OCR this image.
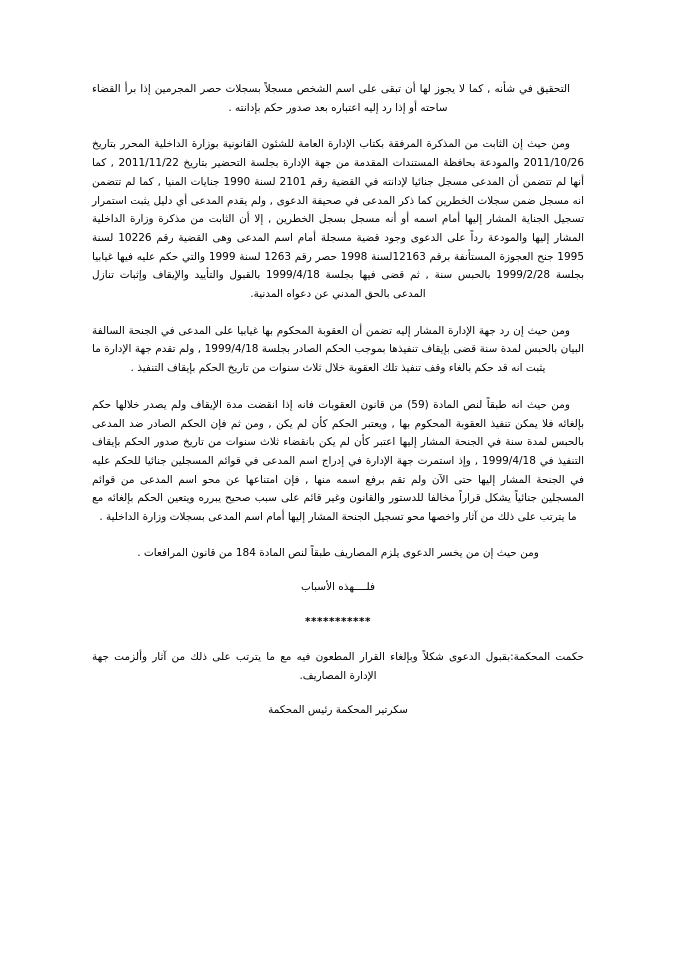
التحقيق في شأنه , كما لا يجوز لها أن تبقى على اسم الشخص مسجلاً بسجلات حصر المجرمين إذا برأ القضاء ساحته أو إذا رد إليه اعتباره بعد صدور حكم بإدانته .

ومن حيث إن الثابت من المذكرة المرفقة بكتاب الإدارة العامة للشئون القانونية بوزارة الداخلية المحرر بتاريخ 2011/10/26 والمودعة بحافظة المستندات المقدمة من جهة الإدارة بجلسة التحضير بتاريخ 2011/11/22 , كما أنها لم تتضمن أن المدعى مسجل جنائيا لإدانته في القضية رقم 2101 لسنة 1990 جنايات المنيا , كما لم تتضمن انه مسجل ضمن سجلات الخطرين كما ذكر المدعى في صحيفة الدعوى , ولم يقدم المدعى أي دليل يثبت استمرار تسجيل الجناية المشار إليها أمام اسمه أو أنه مسجل بسجل الخطرين , إلا أن الثابت من مذكرة وزارة الداخلية المشار إليها والمودعة رداً على الدعوى وجود قضية مسجلة أمام اسم المدعى وهى القضية رقم 10226 لسنة 1995 جنح العجوزة المستأنفة برقم 12163لسنة 1998 حصر رقم 1263 لسنة 1999 والتي حكم عليه فيها غيابيا بجلسة 1999/2/28 بالحبس سنة , ثم قضى فيها بجلسة 1999/4/18 بالقبول والتأييد والإيقاف وإثبات تنازل المدعى بالحق المدني عن دعواه المدنية.

ومن حيث إن رد جهة الإدارة المشار إليه تضمن أن العقوبة المحكوم بها غيابيا على المدعى في الجنحة السالفة البيان بالحبس لمدة سنة قضى بإيقاف تنفيذها بموجب الحكم الصادر بجلسة 1999/4/18 , ولم تقدم جهة الإدارة ما يثبت انه قد حكم بالغاء وقف تنفيذ تلك العقوبة خلال ثلاث سنوات من تاريخ الحكم بإيقاف التنفيذ .

ومن حيث انه طبقاً لنص المادة (59) من قانون العقوبات فانه إذا انقضت مدة الإيقاف ولم يصدر خلالها حكم بإلغائه فلا يمكن تنفيذ العقوبة المحكوم بها , ويعتبر الحكم كأن لم يكن , ومن ثم فإن الحكم الصادر ضد المدعى بالحبس لمدة سنة في الجنحة المشار إليها اعتبر كأن لم يكن بانقضاء ثلاث سنوات من تاريخ صدور الحكم بإيقاف التنفيذ في 1999/4/18 , وإذ استمرت جهة الإدارة في إدراج اسم المدعى في قوائم المسجلين جنائيا للحكم عليه في الجنحة المشار إليها حتى الآن ولم تقم برفع اسمه منها , فإن امتناعها عن محو اسم المدعى من قوائم المسجلين جنائياً يشكل قراراً مخالفا للدستور والقانون وغير قائم على سبب صحيح يبرره ويتعين الحكم بإلغائه مع ما يترتب على ذلك من آثار واخصها محو تسجيل الجنحة المشار إليها أمام اسم المدعى بسجلات وزارة الداخلية .

ومن حيث إن من يخسر الدعوى يلزم المصاريف طبقاً لنص المادة 184 من قانون المرافعات .

فلــــهذه الأسباب

***********

حكمت المحكمة:بقبول الدعوى شكلاً وبإلغاء القرار المطعون فيه مع ما يترتب على ذلك من آثار وألزمت جهة الإدارة المصاريف.

سكرتير المحكمة رئيس المحكمة
